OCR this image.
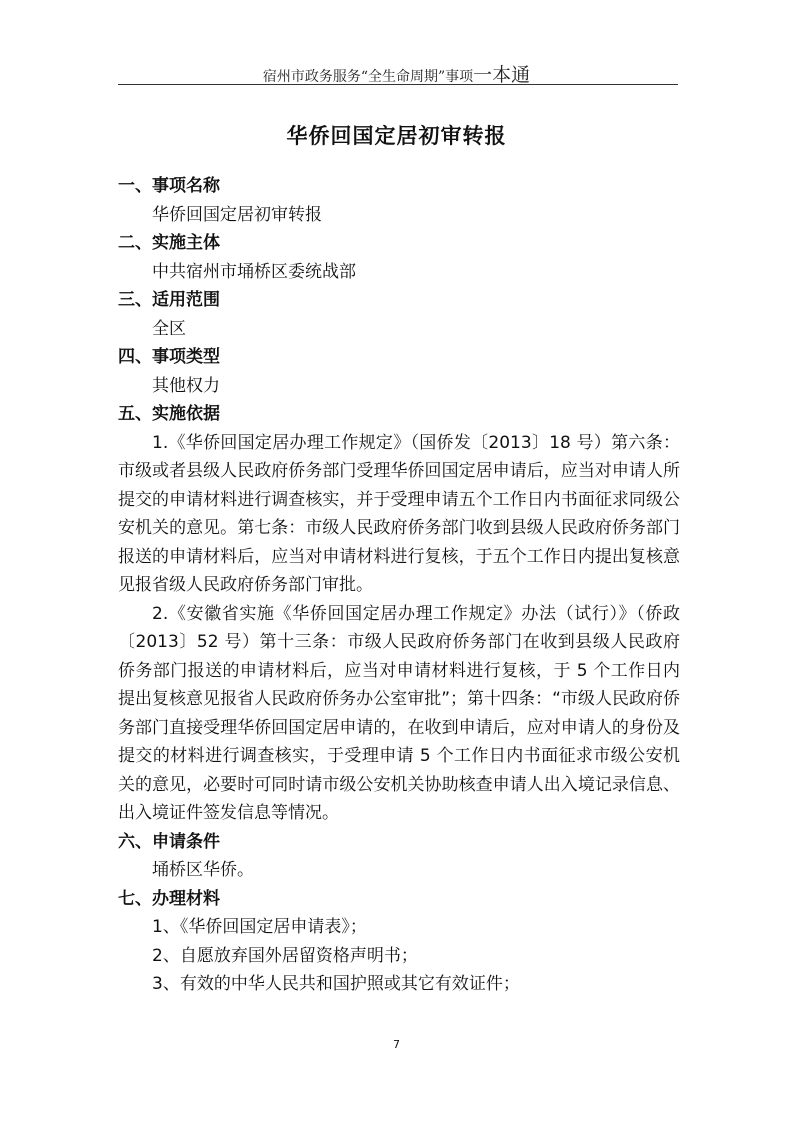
宿州市政务服务“全生命周期”事项一本通
华侨回国定居初审转报
一、事项名称
华侨回国定居初审转报
二、实施主体
中共宿州市埇桥区委统战部
三、适用范围
全区
四、事项类型
其他权力
五、实施依据
1.《华侨回国定居办理工作规定》（国侨发〔2013〕18 号）第六条：市级或者县级人民政府侨务部门受理华侨回国定居申请后，应当对申请人所提交的申请材料进行调查核实，并于受理申请五个工作日内书面征求同级公安机关的意见。第七条：市级人民政府侨务部门收到县级人民政府侨务部门报送的申请材料后，应当对申请材料进行复核，于五个工作日内提出复核意见报省级人民政府侨务部门审批。
2.《安徽省实施《华侨回国定居办理工作规定》办法（试行）》（侨政〔2013〕52 号）第十三条：市级人民政府侨务部门在收到县级人民政府侨务部门报送的申请材料后，应当对申请材料进行复核，于 5 个工作日内提出复核意见报省人民政府侨务办公室审批”；第十四条：“市级人民政府侨务部门直接受理华侨回国定居申请的，在收到申请后，应对申请人的身份及提交的材料进行调查核实，于受理申请 5 个工作日内书面征求市级公安机关的意见，必要时可同时请市级公安机关协助核查申请人出入境记录信息、出入境证件签发信息等情况。
六、申请条件
埇桥区华侨。
七、办理材料
1、《华侨回国定居申请表》；
2、自愿放弃国外居留资格声明书；
3、有效的中华人民共和国护照或其它有效证件；
7
